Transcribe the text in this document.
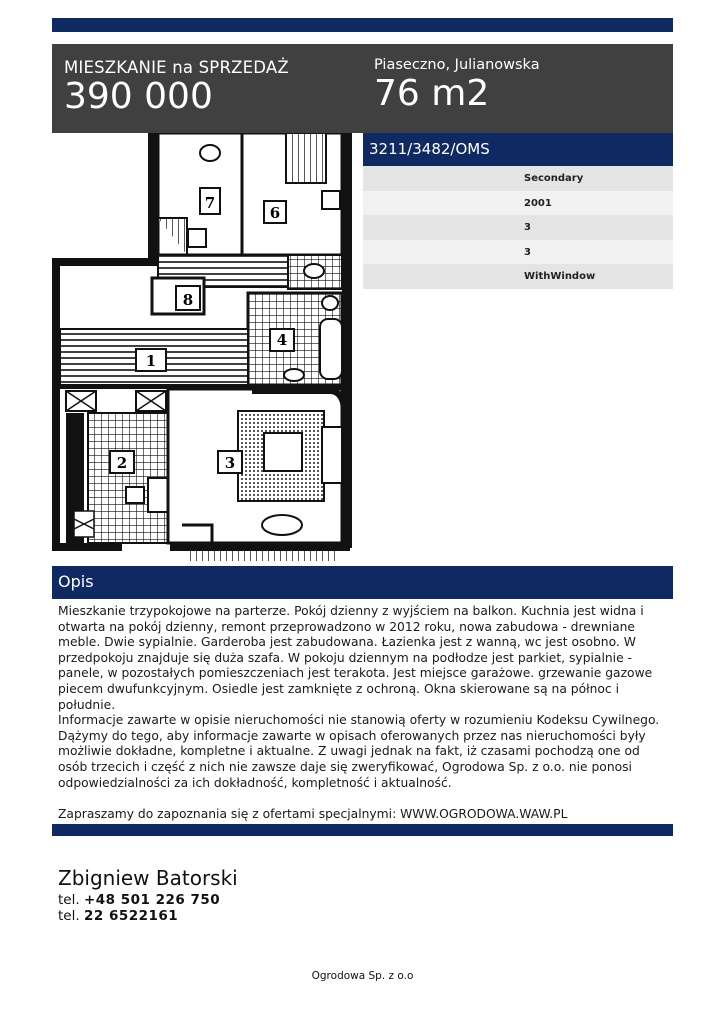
MIESZKANIE na SPRZEDAŻ
390 000
Piaseczno, Julianowska
76 m2
7
6
8
4
1
2	3
3211/3482/OMS
Secondary
2001
3
3
WithWindow
Opis

Mieszkanie trzypokojowe na parterze. Pokój dzienny z wyjściem na balkon. Kuchnia jest widna i otwarta na pokój dzienny, remont przeprowadzono w 2012 roku, nowa zabudowa - drewniane meble. Dwie sypialnie. Garderoba jest zabudowana. Łazienka jest z wanną, wc jest osobno. W przedpokoju znajduje się duża szafa. W pokoju dziennym na podłodze jest parkiet, sypialnie - panele, w pozostałych pomieszczeniach jest terakota. Jest miejsce garażowe. grzewanie gazowe piecem dwufunkcyjnym. Osiedle jest zamknięte z ochroną. Okna skierowane są na północ i południe.

Informacje zawarte w opisie nieruchomości nie stanowią oferty w rozumieniu Kodeksu Cywilnego. Dążymy do tego, aby informacje zawarte w opisach oferowanych przez nas nieruchomości były możliwie dokładne, kompletne i aktualne. Z uwagi jednak na fakt, iż czasami pochodzą one od osób trzecich i część z nich nie zawsze daje się zweryfikować, Ogrodowa Sp. z o.o. nie ponosi odpowiedzialności za ich dokładność, kompletność i aktualność.

Zapraszamy do zapoznania się z ofertami specjalnymi: WWW.OGRODOWA.WAW.PL

Zbigniew Batorski
tel. +48 501 226 750
tel. 22 6522161
Ogrodowa Sp. z o.o
